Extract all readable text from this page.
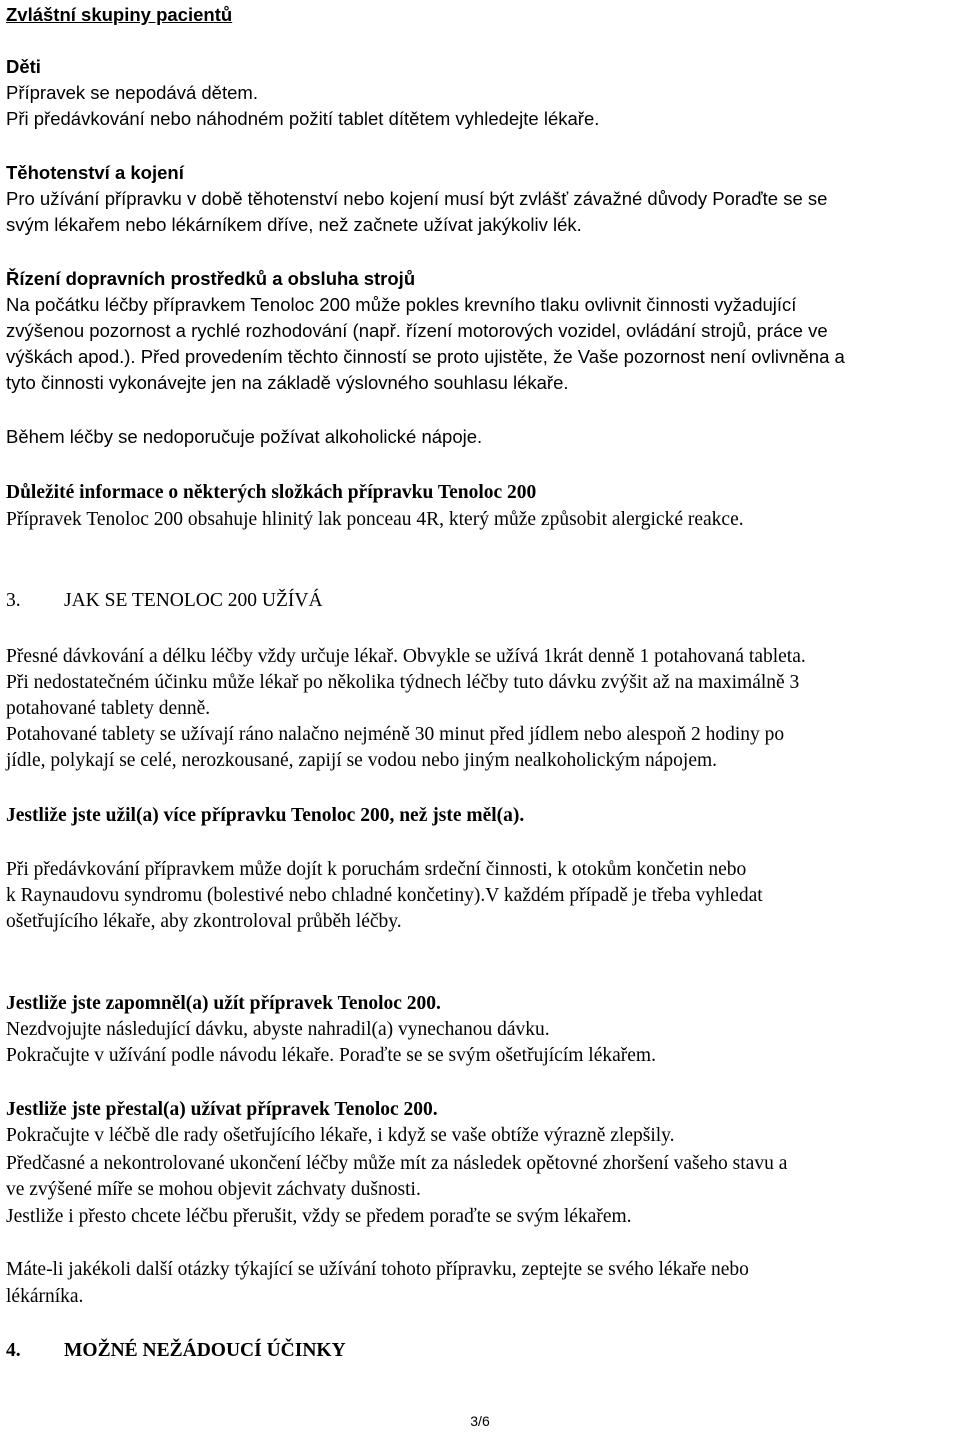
Zvláštní skupiny pacientů
Děti
Přípravek se nepodává dětem.
Při předávkování nebo náhodném požití tablet dítětem vyhledejte lékaře.
Těhotenství a kojení
Pro užívání přípravku v době těhotenství nebo kojení musí být zvlášť závažné důvody Poraďte se se
svým lékařem nebo lékárníkem dříve, než začnete užívat jakýkoliv lék.
Řízení dopravních prostředků a obsluha strojů
Na počátku léčby přípravkem Tenoloc 200 může pokles krevního tlaku ovlivnit činnosti vyžadující
zvýšenou pozornost a rychlé rozhodování (např. řízení motorových vozidel, ovládání strojů, práce ve
výškách apod.). Před provedením těchto činností se proto ujistěte, že Vaše pozornost není ovlivněna a
tyto činnosti vykonávejte jen na základě výslovného souhlasu lékaře.
Během léčby se nedoporučuje požívat alkoholické nápoje.
Důležité informace o některých složkách přípravku Tenoloc 200
Přípravek Tenoloc 200 obsahuje hlinitý lak ponceau 4R, který může způsobit alergické reakce.
3. JAK SE TENOLOC 200 UŽÍVÁ
Přesné dávkování a délku léčby vždy určuje lékař. Obvykle se užívá 1krát denně 1 potahovaná tableta.
Při nedostatečném účinku může lékař po několika týdnech léčby tuto dávku zvýšit až na maximálně 3
potahované tablety denně.
Potahované tablety se užívají ráno nalačno nejméně 30 minut před jídlem nebo alespoň 2 hodiny po
jídle, polykají se celé, nerozkousané, zapijí se vodou nebo jiným nealkoholickým nápojem.
Jestliže jste užil(a) více přípravku Tenoloc 200, než jste měl(a).
Při předávkování přípravkem může dojít k poruchám srdeční činnosti, k otokům končetin nebo
k Raynaudovu syndromu (bolestivé nebo chladné končetiny).V každém případě je třeba vyhledat
ošetřujícího lékaře, aby zkontroloval průběh léčby.
Jestliže jste zapomněl(a) užít přípravek Tenoloc 200.
Nezdvojujte následující dávku, abyste nahradil(a) vynechanou dávku.
Pokračujte v užívání podle návodu lékaře. Poraďte se se svým ošetřujícím lékařem.
Jestliže jste přestal(a) užívat přípravek Tenoloc 200.
Pokračujte v léčbě dle rady ošetřujícího lékaře, i když se vaše obtíže výrazně zlepšily.
Předčasné a nekontrolované ukončení léčby může mít za následek opětovné zhoršení vašeho stavu a
ve zvýšené míře se mohou objevit záchvaty dušnosti.
Jestliže i přesto chcete léčbu přerušit, vždy se předem poraďte se svým lékařem.
Máte-li jakékoli další otázky týkající se užívání tohoto přípravku, zeptejte se svého lékaře nebo
lékárníka.
4. MOŽNÉ NEŽÁDOUCÍ ÚČINKY
3/6
